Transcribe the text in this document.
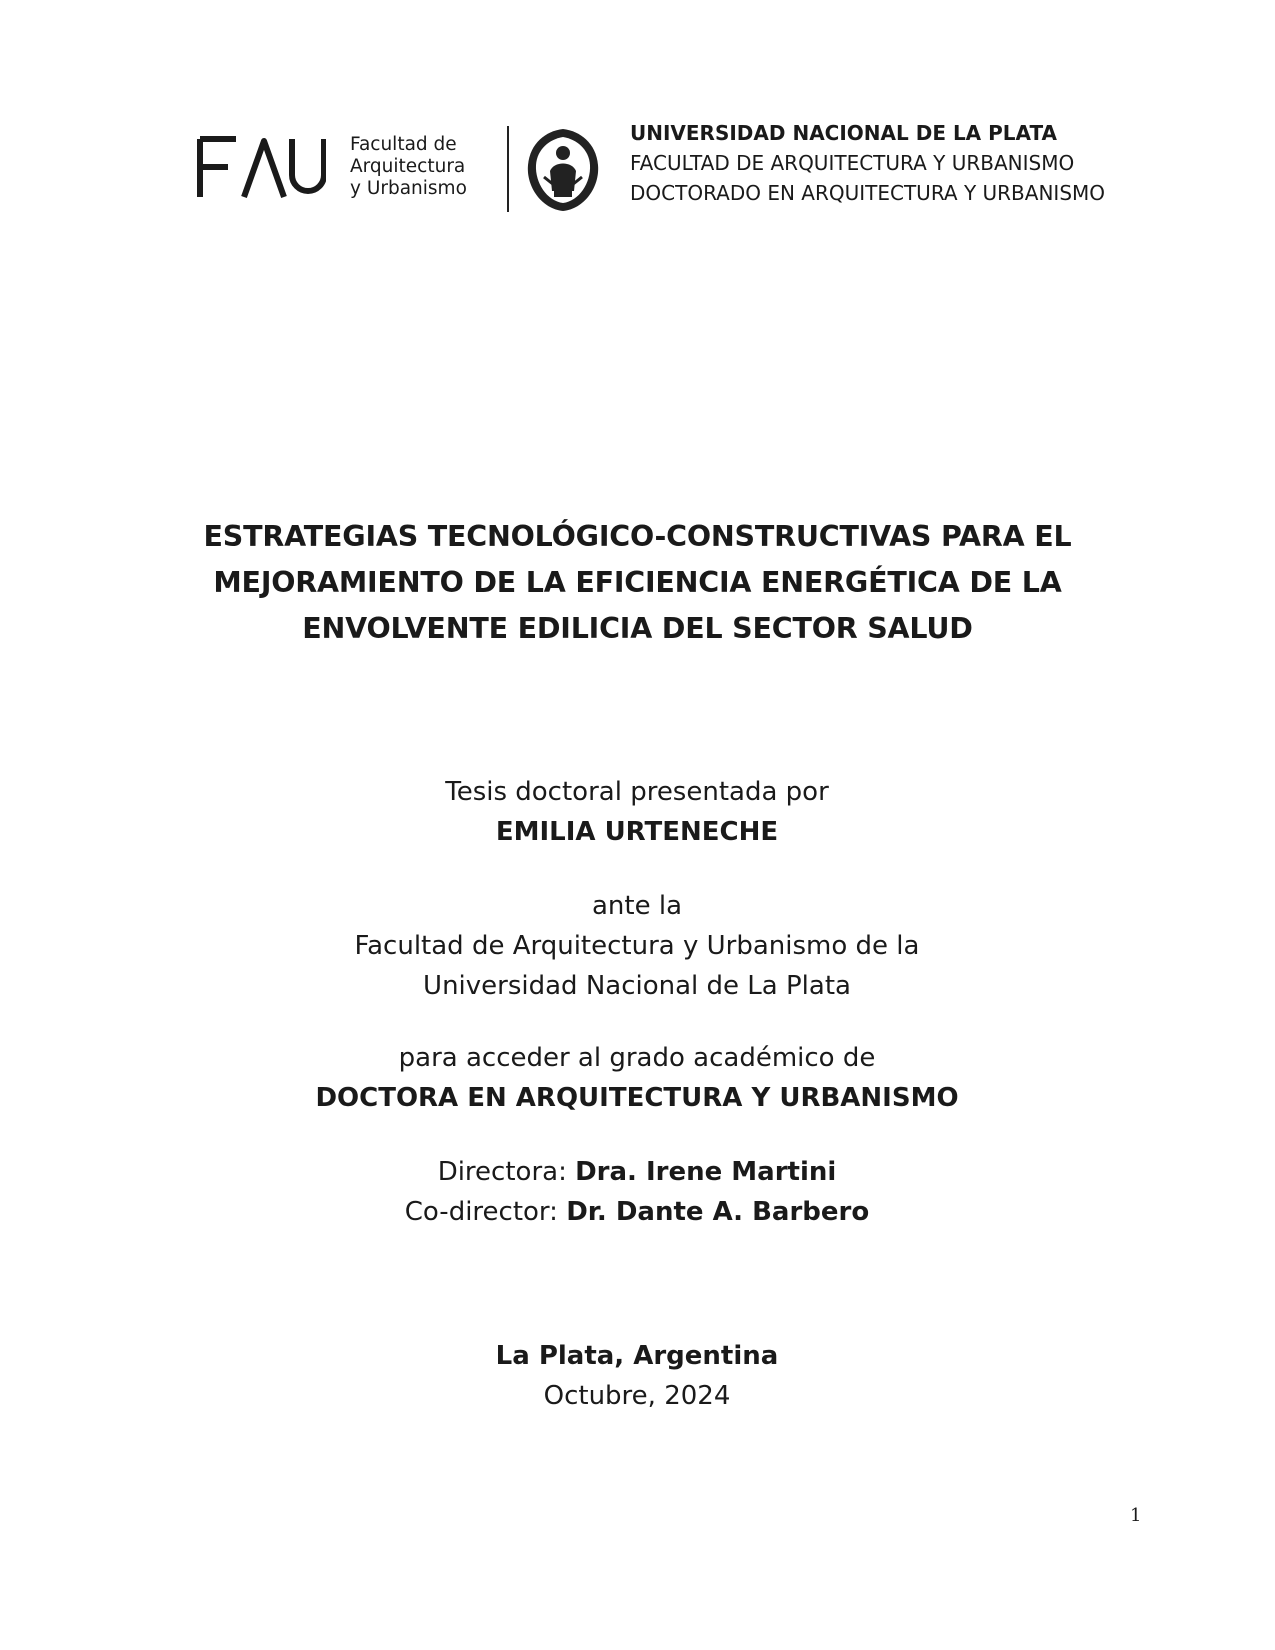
Facultad de
Arquitectura
y Urbanismo
UNIVERSIDAD NACIONAL DE LA PLATA
FACULTAD DE ARQUITECTURA Y URBANISMO
DOCTORADO EN ARQUITECTURA Y URBANISMO
ESTRATEGIAS TECNOLÓGICO-CONSTRUCTIVAS PARA EL
MEJORAMIENTO DE LA EFICIENCIA ENERGÉTICA DE LA
ENVOLVENTE EDILICIA DEL SECTOR SALUD
Tesis doctoral presentada por
EMILIA URTENECHE
ante la
Facultad de Arquitectura y Urbanismo de la
Universidad Nacional de La Plata
para acceder al grado académico de
DOCTORA EN ARQUITECTURA Y URBANISMO
Directora: Dra. Irene Martini
Co-director: Dr. Dante A. Barbero
La Plata, Argentina
Octubre, 2024
1
